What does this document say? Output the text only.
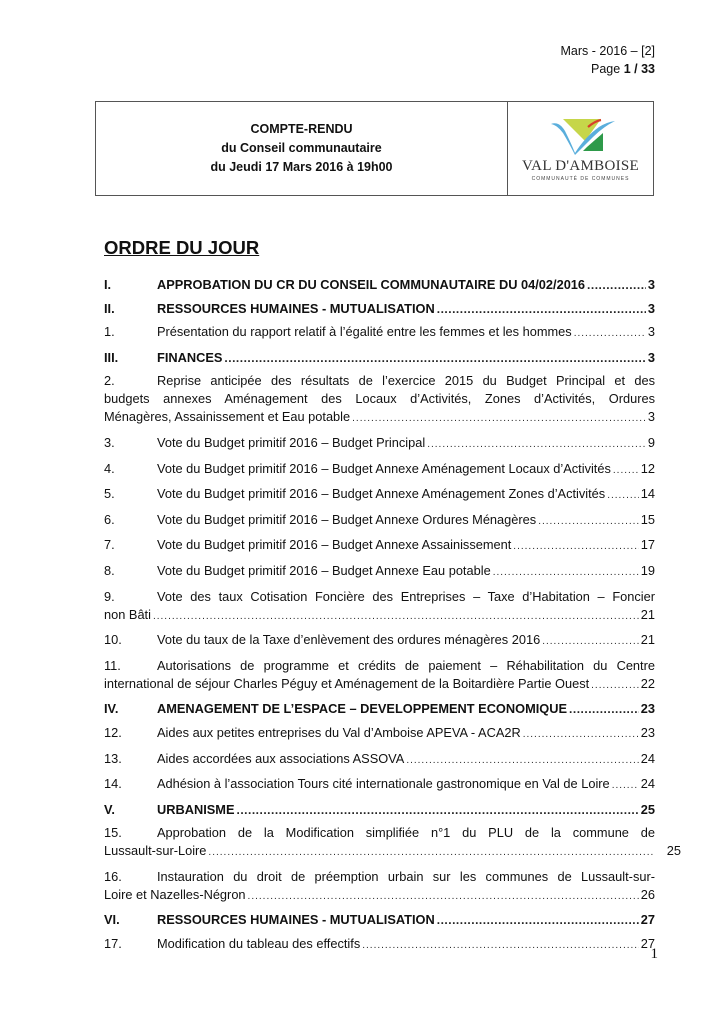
Mars - 2016 – [2]
Page 1 / 33
COMPTE-RENDU
du Conseil communautaire
du Jeudi 17 Mars 2016 à 19h00	VAL D'AMBOISE
COMMUNAUTÉ DE COMMUNES
ORDRE DU JOUR
I.	APPROBATION DU CR DU CONSEIL COMMUNAUTAIRE DU 04/02/2016 .....	3
II.	RESSOURCES HUMAINES - MUTUALISATION .....	3
1.	Présentation du rapport relatif à l’égalité entre les femmes et les hommes .....	3
III.	FINANCES .....	3
2.	Reprise anticipée des résultats de l’exercice 2015 du Budget Principal et des
budgets annexes Aménagement des Locaux d’Activités, Zones d’Activités, Ordures
Ménagères, Assainissement et Eau potable .....	3
3.	Vote du Budget primitif 2016 – Budget Principal .....	9
4.	Vote du Budget primitif 2016 – Budget Annexe Aménagement Locaux d’Activités ..... 12
5.	Vote du Budget primitif 2016 – Budget Annexe Aménagement Zones d’Activités .....	14
6.	Vote du Budget primitif 2016 – Budget Annexe Ordures Ménagères .....	15
7.	Vote du Budget primitif 2016 – Budget Annexe Assainissement .....	17
8.	Vote du Budget primitif 2016 – Budget Annexe Eau potable .....	19
9.	Vote des taux Cotisation Foncière des Entreprises – Taxe d’Habitation – Foncier
non Bâti .....	21
10.	Vote du taux de la Taxe d’enlèvement des ordures ménagères 2016 .....	21
11.	Autorisations de programme et crédits de paiement – Réhabilitation du Centre
international de séjour Charles Péguy et Aménagement de la Boitardière Partie Ouest .....	22
IV.	AMENAGEMENT DE L’ESPACE – DEVELOPPEMENT ECONOMIQUE .....	23
12.	Aides aux petites entreprises du Val d’Amboise APEVA - ACA2R .....	23
13.	Aides accordées aux associations ASSOVA .....	24
14.	Adhésion à l’association Tours cité internationale gastronomique en Val de Loire ..... 24
V.	URBANISME .....	25
15.	Approbation de la Modification simplifiée n°1 du PLU de la commune de
Lussault-sur-Loire .....	25
16.	Instauration du droit de préemption urbain sur les communes de Lussault-sur-
Loire et Nazelles-Négron .....	26
VI.	RESSOURCES HUMAINES - MUTUALISATION .....	27
17.	Modification du tableau des effectifs .....	27
1
